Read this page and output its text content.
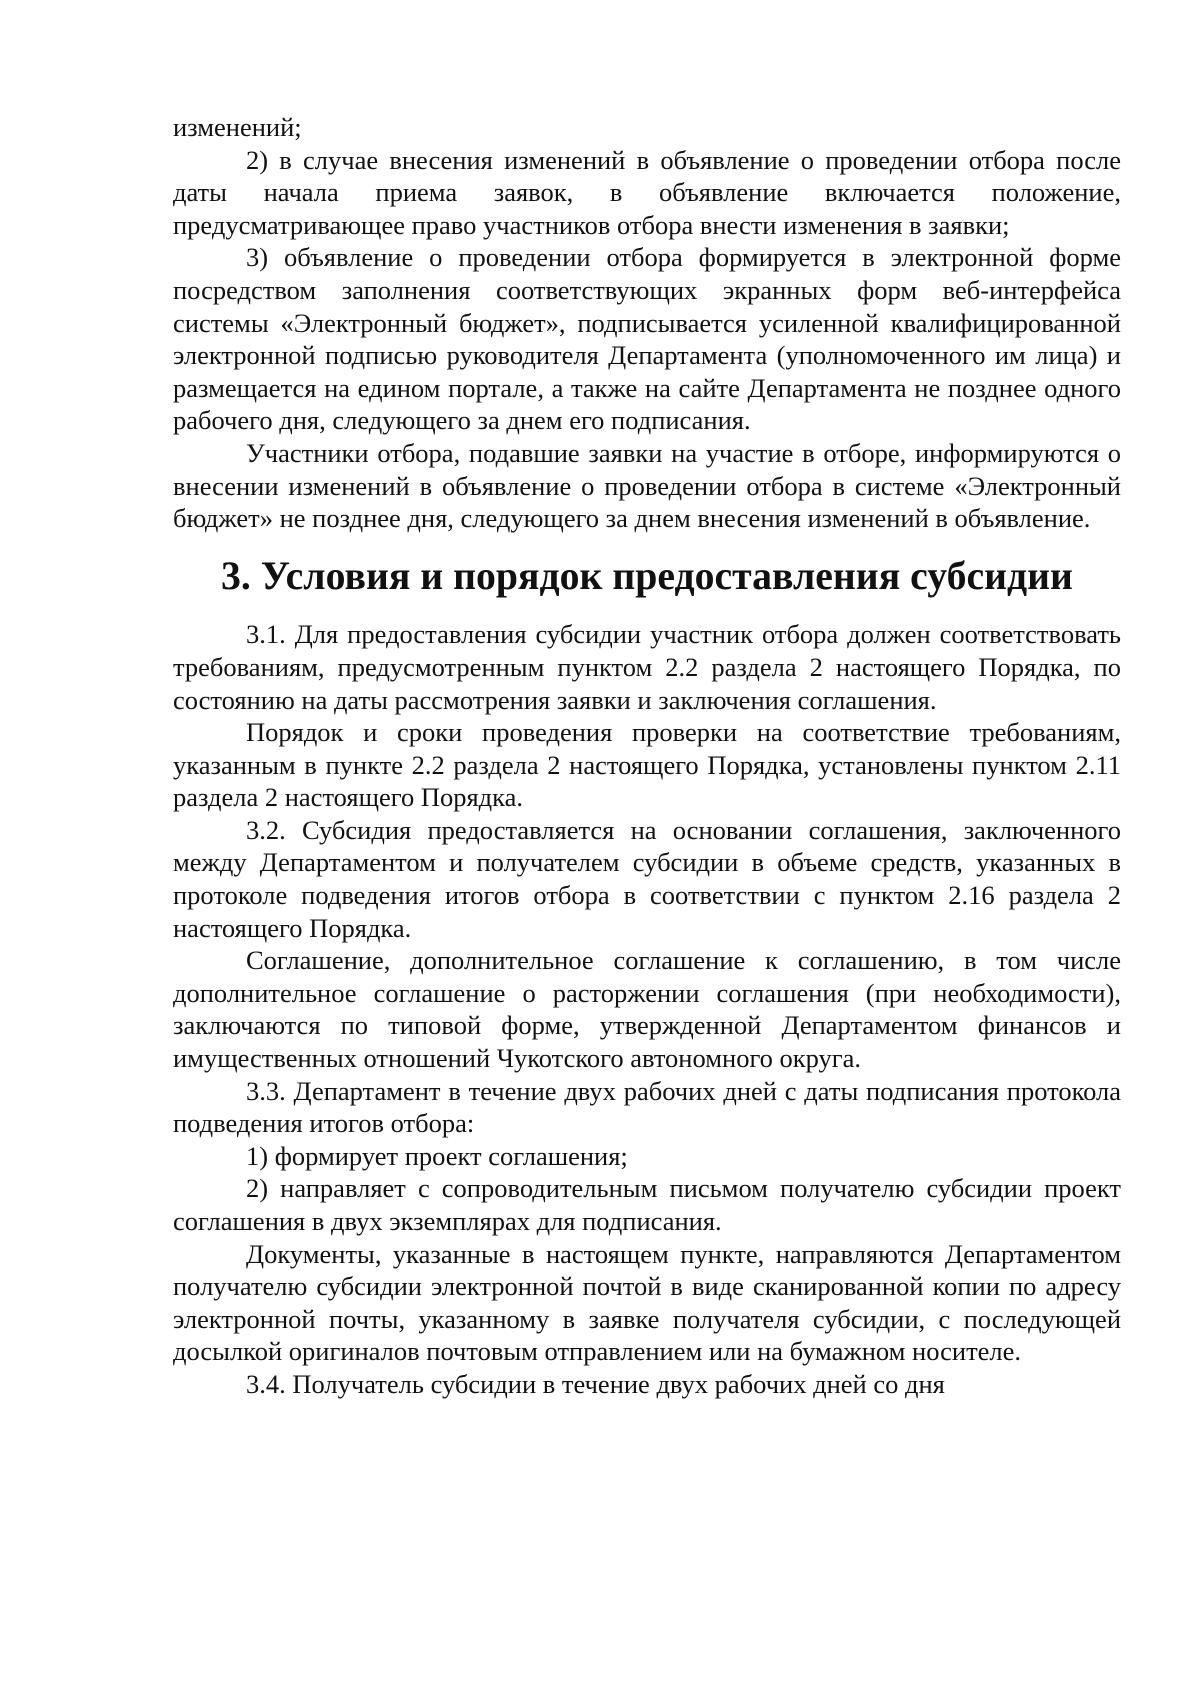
изменений;

2) в случае внесения изменений в объявление о проведении отбора после даты начала приема заявок, в объявление включается положение, предусматривающее право участников отбора внести изменения в заявки;

3) объявление о проведении отбора формируется в электронной форме посредством заполнения соответствующих экранных форм веб-интерфейса системы «Электронный бюджет», подписывается усиленной квалифицированной электронной подписью руководителя Департамента (уполномоченного им лица) и размещается на едином портале, а также на сайте Департамента не позднее одного рабочего дня, следующего за днем его подписания.

Участники отбора, подавшие заявки на участие в отборе, информируются о внесении изменений в объявление о проведении отбора в системе «Электронный бюджет» не позднее дня, следующего за днем внесения изменений в объявление.

3. Условия и порядок предоставления субсидии

3.1. Для предоставления субсидии участник отбора должен соответствовать требованиям, предусмотренным пунктом 2.2 раздела 2 настоящего Порядка, по состоянию на даты рассмотрения заявки и заключения соглашения.

Порядок и сроки проведения проверки на соответствие требованиям, указанным в пункте 2.2 раздела 2 настоящего Порядка, установлены пунктом 2.11 раздела 2 настоящего Порядка.

3.2. Субсидия предоставляется на основании соглашения, заключенного между Департаментом и получателем субсидии в объеме средств, указанных в протоколе подведения итогов отбора в соответствии с пунктом 2.16 раздела 2 настоящего Порядка.

Соглашение, дополнительное соглашение к соглашению, в том числе дополнительное соглашение о расторжении соглашения (при необходимости), заключаются по типовой форме, утвержденной Департаментом финансов и имущественных отношений Чукотского автономного округа.

3.3. Департамент в течение двух рабочих дней с даты подписания протокола подведения итогов отбора:

1) формирует проект соглашения;

2) направляет с сопроводительным письмом получателю субсидии проект соглашения в двух экземплярах для подписания.

Документы, указанные в настоящем пункте, направляются Департаментом получателю субсидии электронной почтой в виде сканированной копии по адресу электронной почты, указанному в заявке получателя субсидии, с последующей досылкой оригиналов почтовым отправлением или на бумажном носителе.

3.4. Получатель субсидии в течение двух рабочих дней со дня
